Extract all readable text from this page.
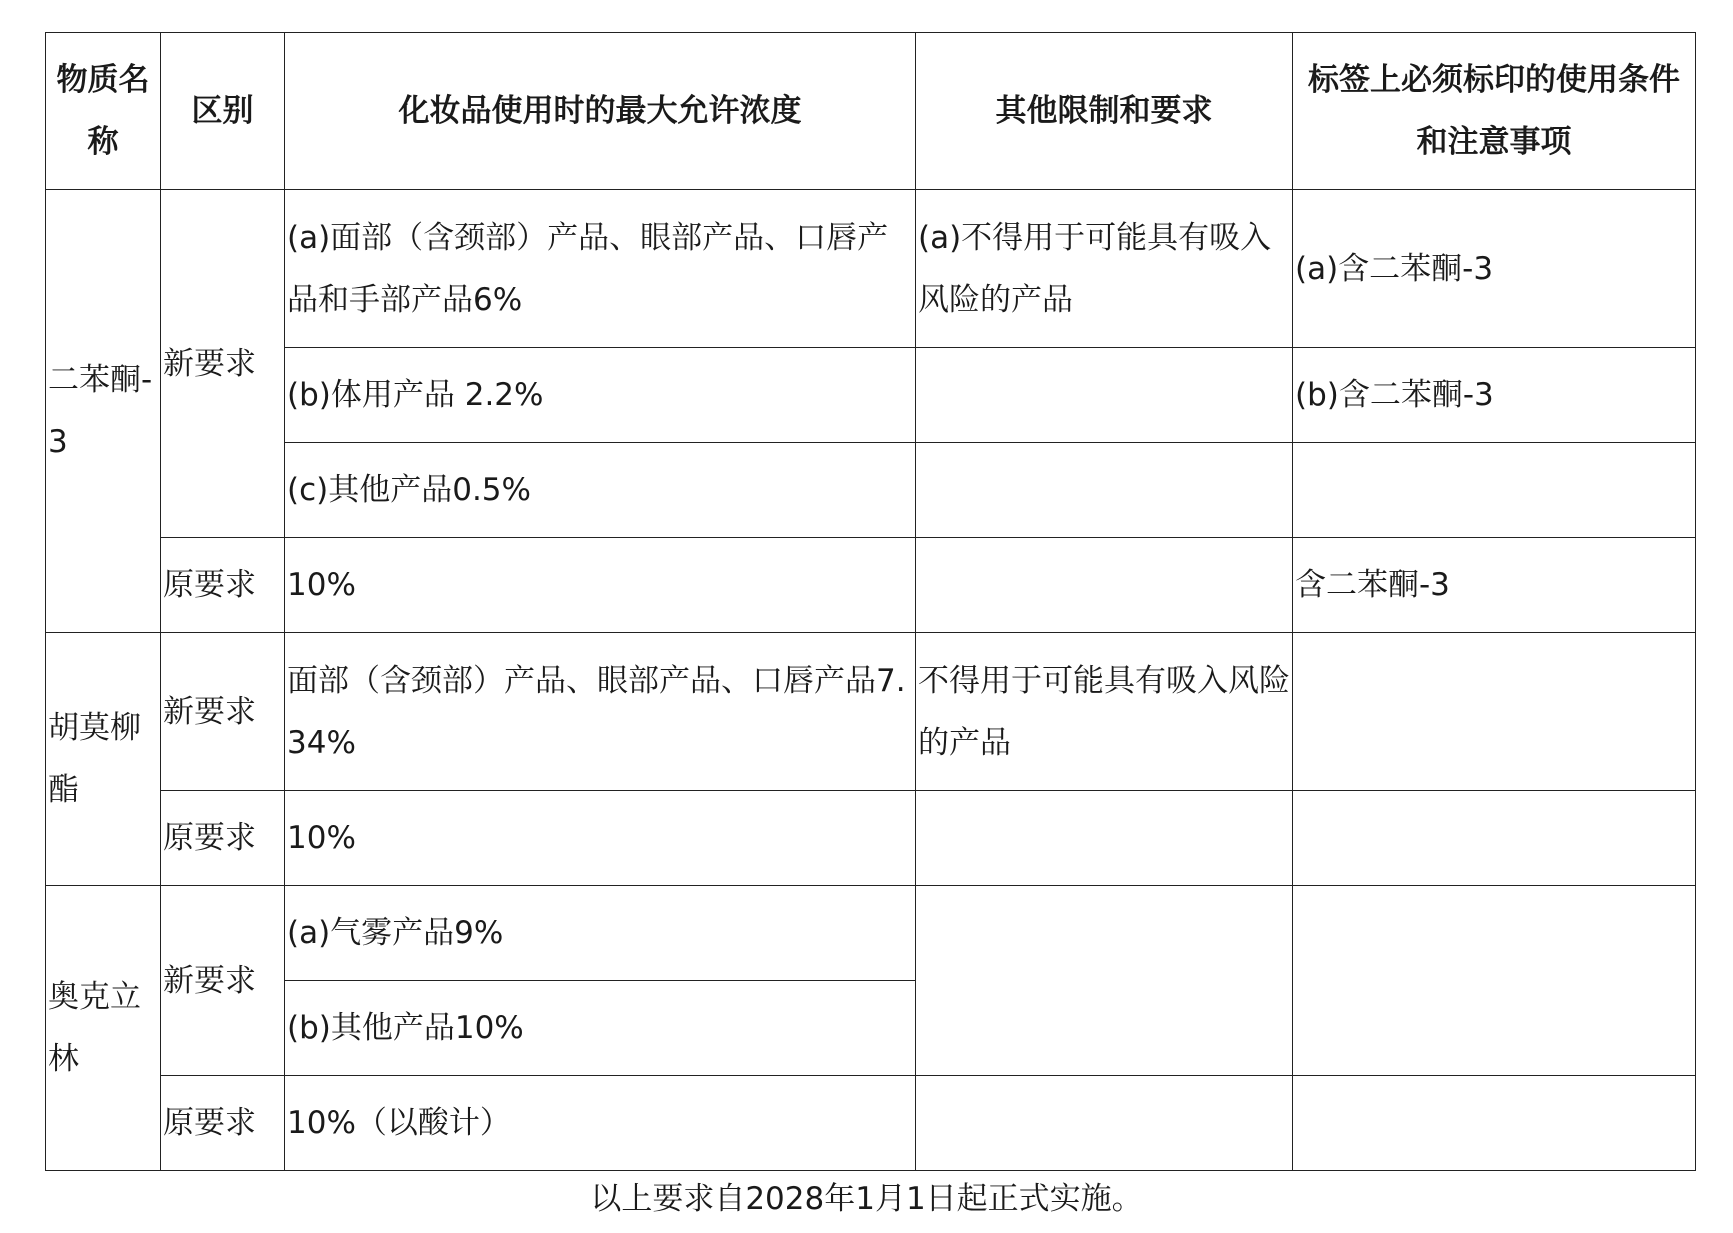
物质名称	区别	化妆品使用时的最大允许浓度	其他限制和要求	标签上必须标印的使用条件和注意事项
二苯酮-3	新要求	(a)面部（含颈部）产品、眼部产品、口唇产品和手部产品6%	(a)不得用于可能具有吸入风险的产品	(a)含二苯酮-3
		(b)体用产品 2.2%		(b)含二苯酮-3
		(c)其他产品0.5%		
	原要求	10%		含二苯酮-3
胡莫柳酯	新要求	面部（含颈部）产品、眼部产品、口唇产品7.34%	不得用于可能具有吸入风险的产品	
	原要求	10%		
奥克立林	新要求	(a)气雾产品9%		
		(b)其他产品10%		
	原要求	10%（以酸计）		
以上要求自2028年1月1日起正式实施。
